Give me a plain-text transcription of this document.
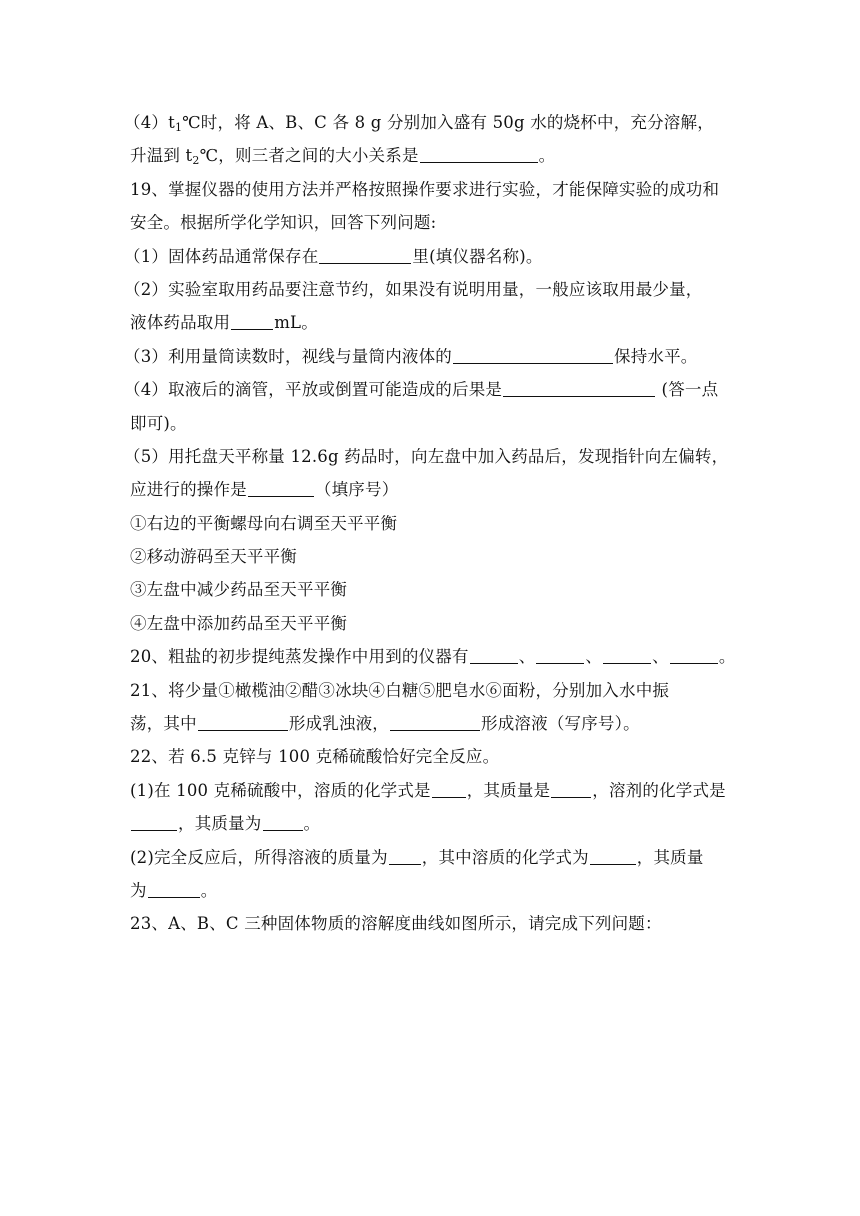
$(4)t_1℃$时，将 A、B、C 各 8 g 分别加入盛有 50g 水的烧杯中，充分溶解，
升温到 $t_2℃$，则三者之间的大小关系是	。
19、掌握仪器的使用方法并严格按照操作要求进行实验，才能保障实验的成功和
安全。根据所学化学知识，回答下列问题:
（1）固体药品通常保存在	里(填仪器名称)。
（2）实验室取用药品要注意节约，如果没有说明用量，一般应该取用最少量，
液体药品取用	mL。
（3）利用量筒读数时，视线与量筒内液体的	保持水平。
（4）取液后的滴管，平放或倒置可能造成的后果是	(答一点
即可)。
（5）用托盘天平称量 12.6g 药品时，向左盘中加入药品后，发现指针向左偏转，
应进行的操作是	（填序号）
①右边的平衡螺母向右调至天平平衡
②移动游码至天平平衡
③左盘中减少药品至天平平衡
④左盘中添加药品至天平平衡
20、粗盐的初步提纯蒸发操作中用到的仪器有	、	、	、	。
21、将少量①橄榄油②醋③冰块④白糖⑤肥皂水⑥面粉，分别加入水中振
荡，其中	形成乳浊液，	形成溶液（写序号）。
22、若 6.5 克锌与 100 克稀硫酸恰好完全反应。
(1)在 100 克稀硫酸中，溶质的化学式是 ，其质量是	，溶剂的化学式是
，其质量为	。
(2)完全反应后，所得溶液的质量为 ，其中溶质的化学式为	，其质量
为	。
23、A、B、C 三种固体物质的溶解度曲线如图所示，请完成下列问题：
